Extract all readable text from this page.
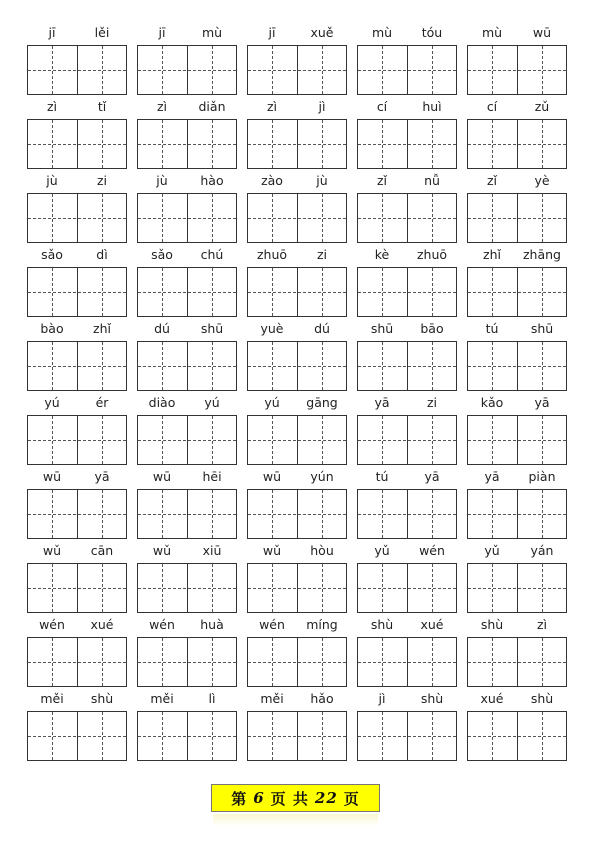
jī	lěi	jī	mù	jī	xuě	mù	tóu	mù	wū
zì	tǐ	zì	diǎn	zì	jì	cí	huì	cí	zǔ
jù	zi	jù	hào	zào	jù	zǐ	nǚ	zǐ	yè
sǎo	dì	sǎo	chú	zhuō	zi	kè	zhuō	zhǐ	zhāng
bào	zhǐ	dú	shū	yuè	dú	shū	bāo	tú	shū
yú	ér	diào	yú	yú	gāng	yā	zi	kǎo	yā
wū	yā	wū	hēi	wū	yún	tú	yā	yā	piàn
wǔ	cān	wǔ	xiū	wǔ	hòu	yǔ	wén	yǔ	yán
wén	xué	wén	huà	wén	míng	shù	xué	shù	zì
měi	shù	měi	lì	měi	hǎo	jì	shù	xué	shù
第 6 页 共 22 页
